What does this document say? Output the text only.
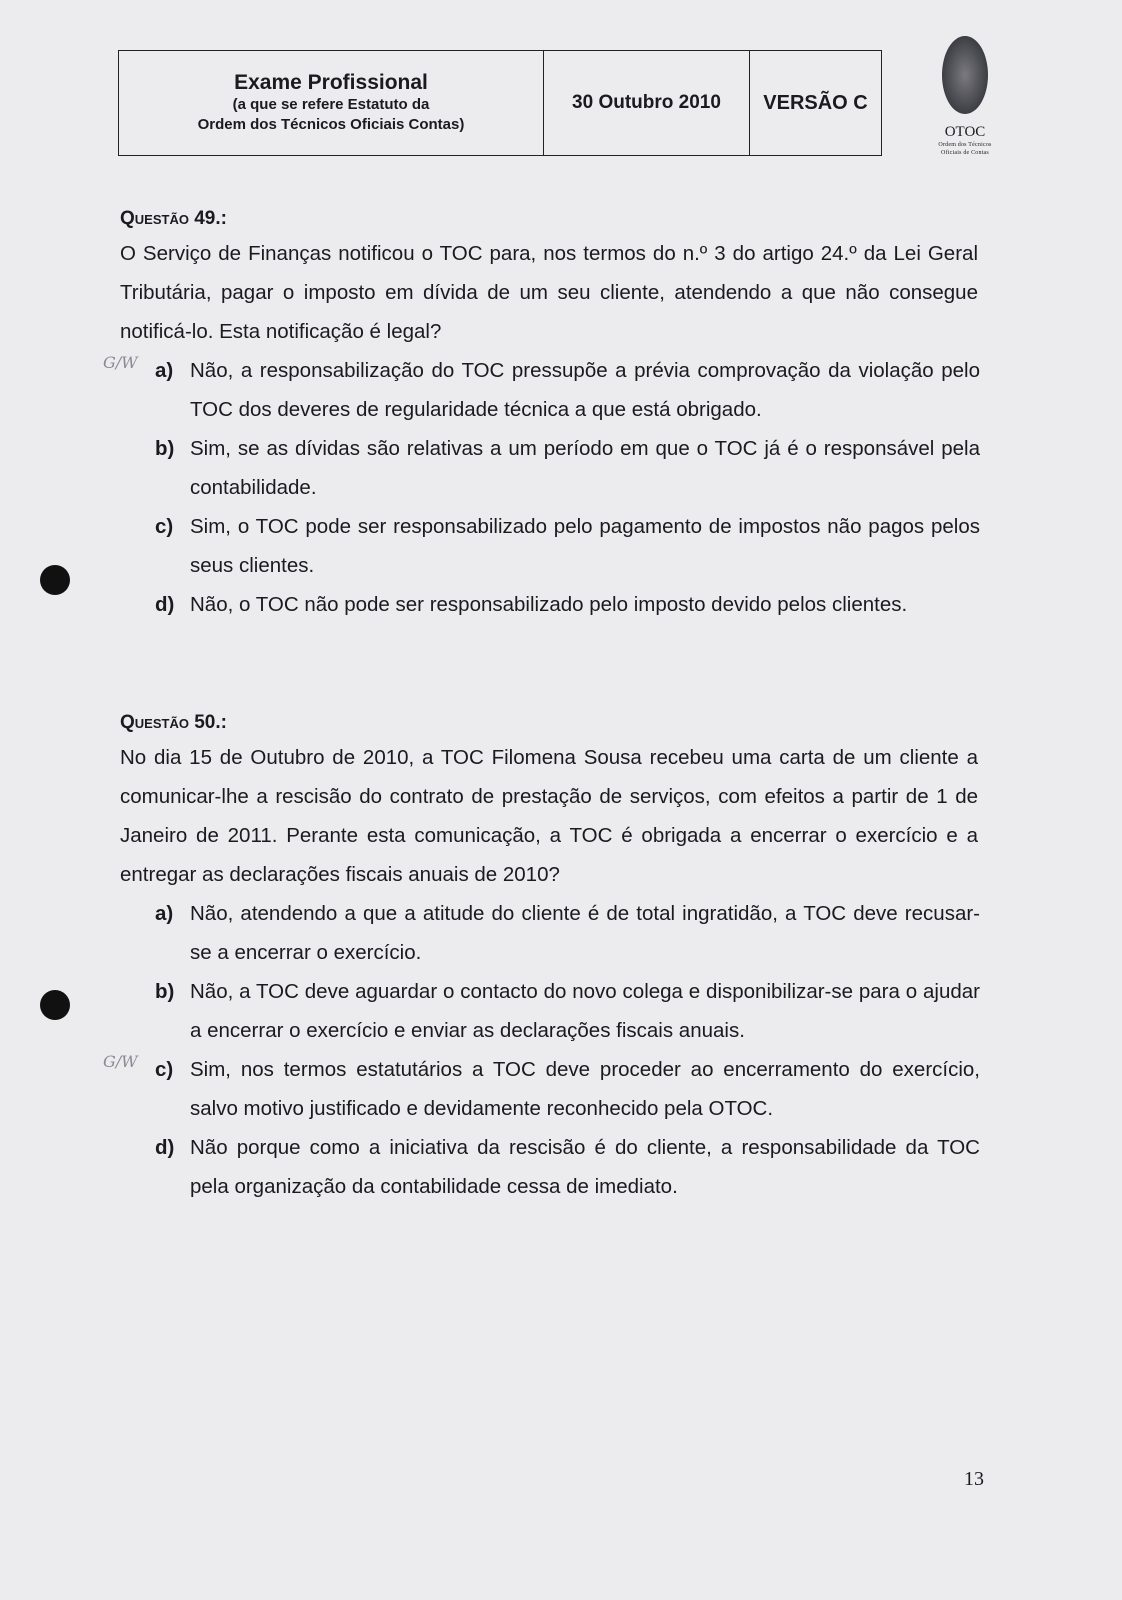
Exame Profissional
(a que se refere Estatuto da
Ordem dos Técnicos Oficiais Contas)
30 Outubro 2010	VERSÃO C
OTOC
Ordem dos Técnicos
Oficiais de Contas
Questão 49.:
O Serviço de Finanças notificou o TOC para, nos termos do n.º 3 do artigo 24.º da Lei Geral Tributária, pagar o imposto em dívida de um seu cliente, atendendo a que não consegue notificá-lo. Esta notificação é legal?
G/W a) Não, a responsabilização do TOC pressupõe a prévia comprovação da violação pelo TOC dos deveres de regularidade técnica a que está obrigado.
b) Sim, se as dívidas são relativas a um período em que o TOC já é o responsável pela contabilidade.
c) Sim, o TOC pode ser responsabilizado pelo pagamento de impostos não pagos pelos seus clientes.
d) Não, o TOC não pode ser responsabilizado pelo imposto devido pelos clientes.
Questão 50.:
No dia 15 de Outubro de 2010, a TOC Filomena Sousa recebeu uma carta de um cliente a comunicar-lhe a rescisão do contrato de prestação de serviços, com efeitos a partir de 1 de Janeiro de 2011. Perante esta comunicação, a TOC é obrigada a encerrar o exercício e a entregar as declarações fiscais anuais de 2010?
a) Não, atendendo a que a atitude do cliente é de total ingratidão, a TOC deve recusar-se a encerrar o exercício.
b) Não, a TOC deve aguardar o contacto do novo colega e disponibilizar-se para o ajudar a encerrar o exercício e enviar as declarações fiscais anuais.
G/W c) Sim, nos termos estatutários a TOC deve proceder ao encerramento do exercício, salvo motivo justificado e devidamente reconhecido pela OTOC.
d) Não porque como a iniciativa da rescisão é do cliente, a responsabilidade da TOC pela organização da contabilidade cessa de imediato.
13
